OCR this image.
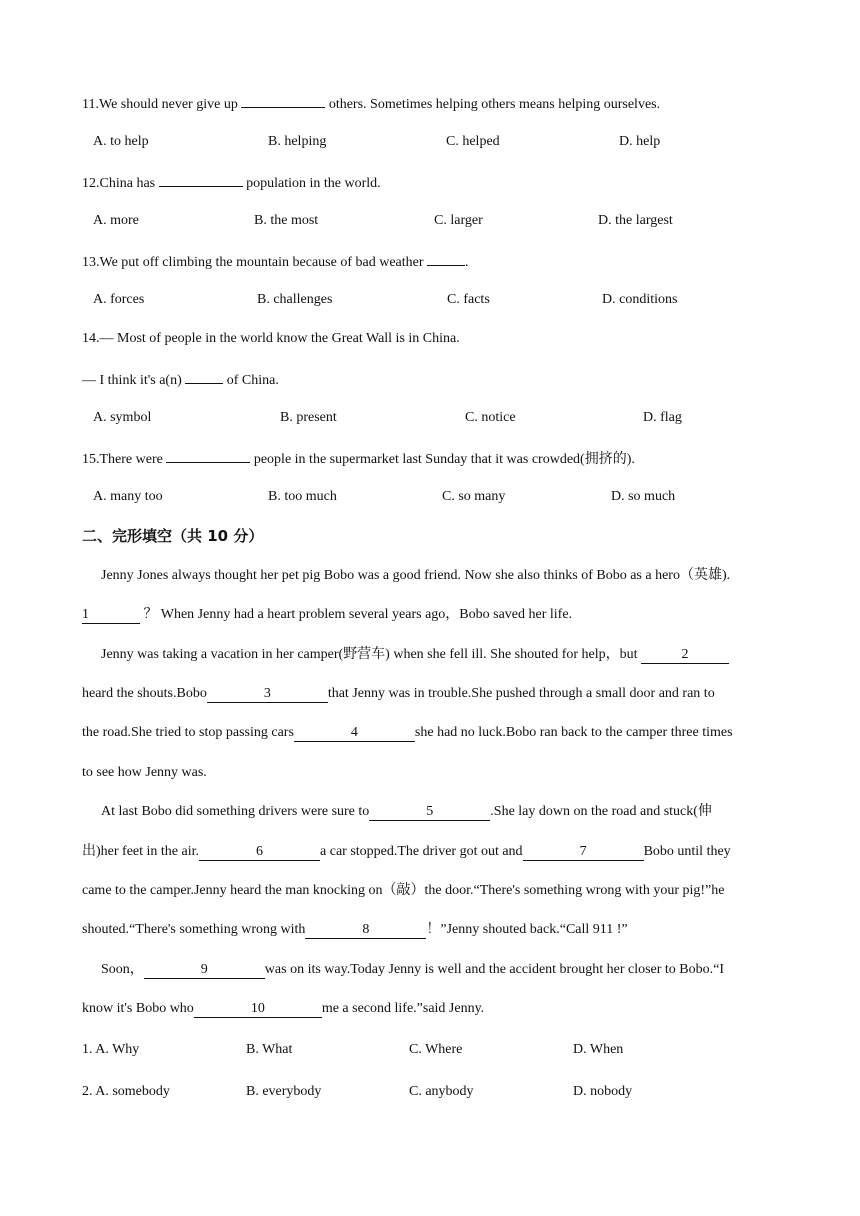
11.We should never give up	others. Sometimes helping others means helping ourselves.
A. to help	B. helping	C. helped	D. help
12.China has	population in the world.
A. more	B. the most	C. larger	D. the largest
13.We put off climbing the mountain because of bad weather	.
A. forces	B. challenges	C. facts	D. conditions
14.— Most of people in the world know the Great Wall is in China.
— I think it's a(n)	of China.
A. symbol	B. present	C. notice	D. flag
15.There were	people in the supermarket last Sunday that it was crowded(拥挤的).
A. many too	B. too much	C. so many	D. so much
二、完形填空（共 10 分）
Jenny Jones always thought her pet pig Bobo was a good friend. Now she also thinks of Bobo as a hero（英雄).
1	？ When Jenny had a heart problem several years ago，Bobo saved her life.
Jenny was taking a vacation in her camper(野营车) when she fell ill. She shouted for help，but	2
heard the shouts.Bobo	3	that Jenny was in trouble.She pushed through a small door and ran to
the road.She tried to stop passing cars	4	she had no luck.Bobo ran back to the camper three times
to see how Jenny was.
At last Bobo did something drivers were sure to	5	.She lay down on the road and stuck(伸
出)her feet in the air.	6	a car stopped.The driver got out and	7	Bobo until they
came to the camper.Jenny heard the man knocking on（敲）the door.“There's something wrong with your pig!”he
shouted.“There's something wrong with	8	！”Jenny shouted back.“Call 911 !”
Soon，	9	was on its way.Today Jenny is well and the accident brought her closer to Bobo.“I
know it's Bobo who	10	me a second life.”said Jenny.
1. A. Why	B. What	C. Where	D. When
2. A. somebody	B. everybody	C. anybody	D. nobody
